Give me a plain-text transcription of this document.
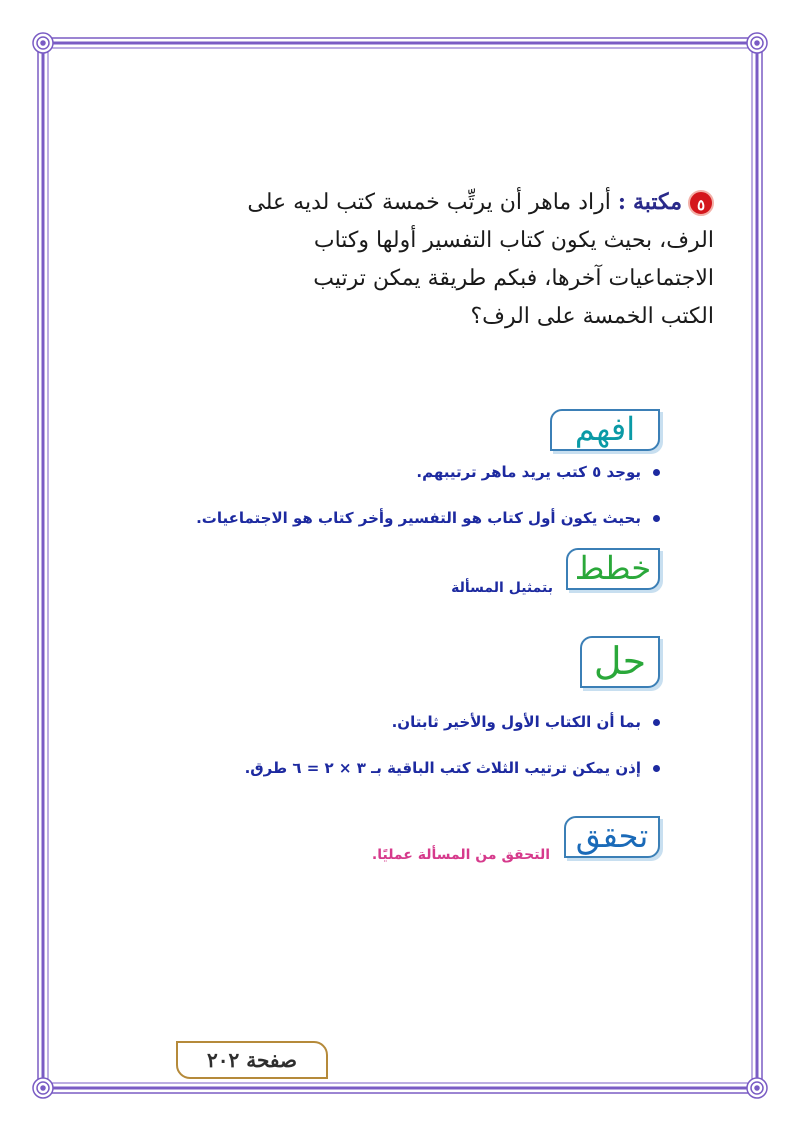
٥مكتبة : أراد ماهر أن يرتِّب خمسة كتب لديه على
الرف، بحيث يكون كتاب التفسير أولها وكتاب
الاجتماعيات آخرها، فبكم طريقة يمكن ترتيب
الكتب الخمسة على الرف؟
افهم
يوجد ٥ كتب يريد ماهر ترتيبهم.
بحيث يكون أول كتاب هو التفسير وأخر كتاب هو الاجتماعيات.
خطط
بتمثيل المسألة
حل
بما أن الكتاب الأول والأخير ثابتان.
إذن يمكن ترتيب الثلاث كتب الباقية بـ ٣ × ٢ = ٦ طرق.
تحقق
التحقق من المسألة عمليًا.
صفحة ٢٠٢
